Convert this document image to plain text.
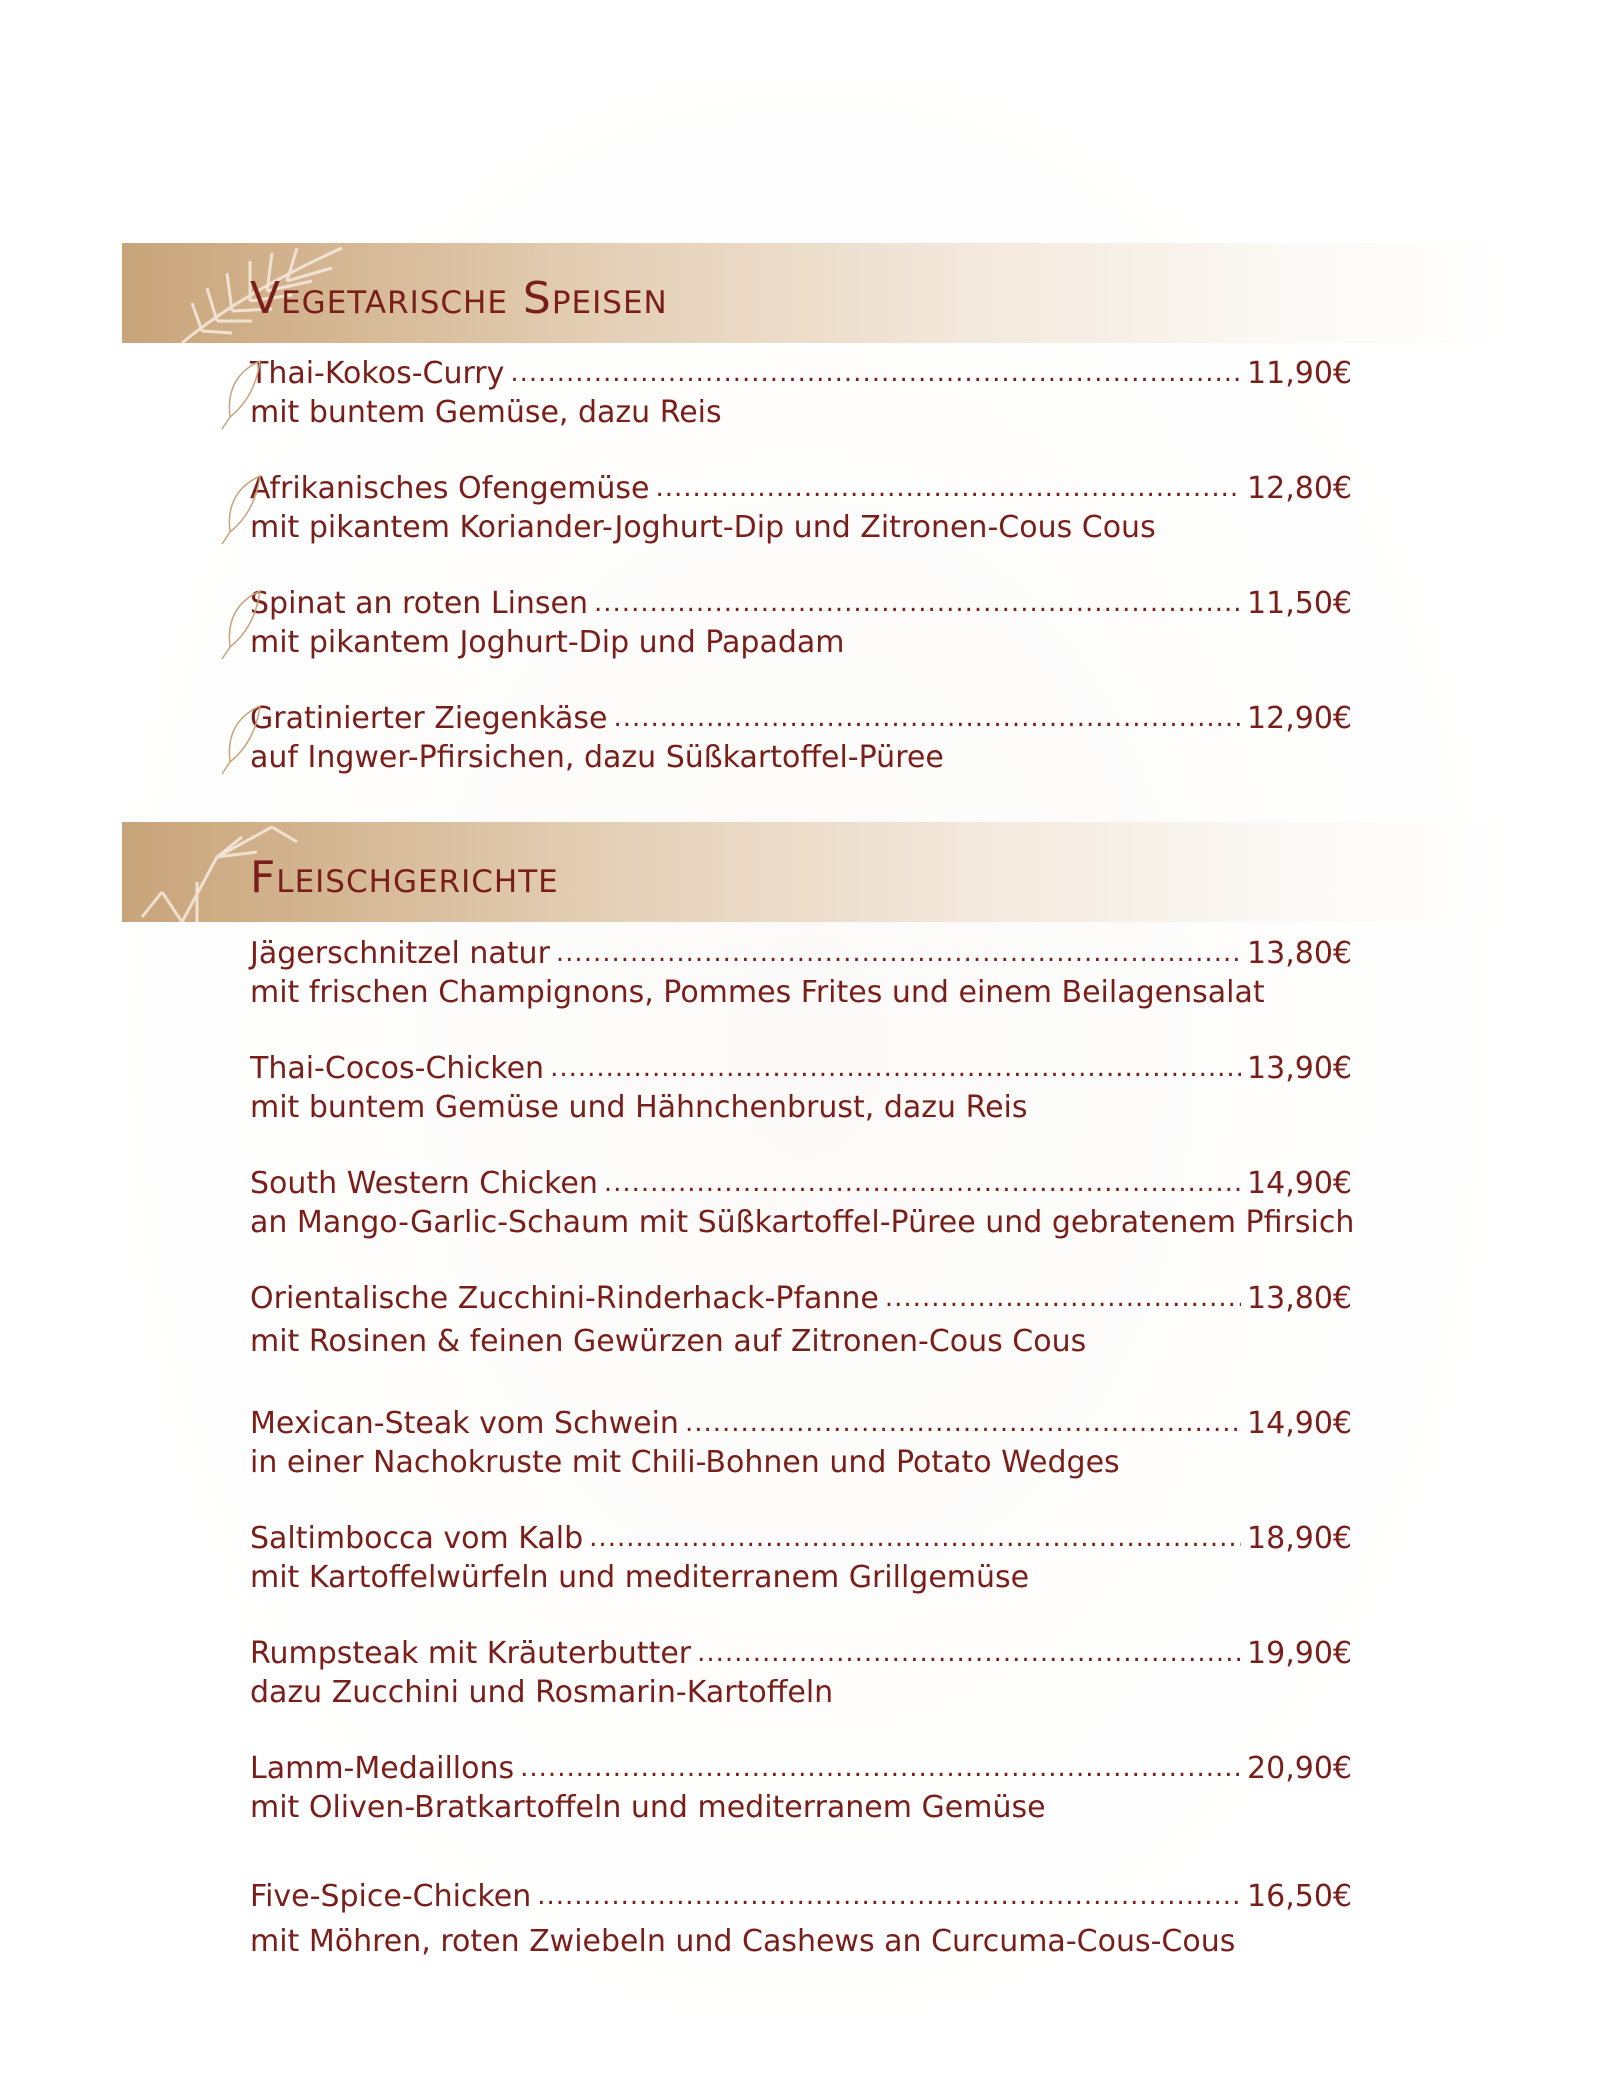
Vegetarische Speisen
Thai-Kokos-Curry .....	11,90€
mit buntem Gemüse, dazu Reis
Afrikanisches Ofengemüse .....	12,80€
mit pikantem Koriander-Joghurt-Dip und Zitronen-Cous Cous
Spinat an roten Linsen .....	11,50€
mit pikantem Joghurt-Dip und Papadam
Gratinierter Ziegenkäse .....	12,90€
auf Ingwer-Pfirsichen, dazu Süßkartoffel-Püree
Fleischgerichte
Jägerschnitzel natur .....	13,80€
mit frischen Champignons, Pommes Frites und einem Beilagensalat
Thai-Cocos-Chicken .....	13,90€
mit buntem Gemüse und Hähnchenbrust, dazu Reis
South Western Chicken .....	14,90€
an Mango-Garlic-Schaum mit Süßkartoffel-Püree und gebratenem Pfirsich
Orientalische Zucchini-Rinderhack-Pfanne .....	13,80€
mit Rosinen & feinen Gewürzen auf Zitronen-Cous Cous
Mexican-Steak vom Schwein .....	14,90€
in einer Nachokruste mit Chili-Bohnen und Potato Wedges
Saltimbocca vom Kalb .....	18,90€
mit Kartoffelwürfeln und mediterranem Grillgemüse
Rumpsteak mit Kräuterbutter .....	19,90€
dazu Zucchini und Rosmarin-Kartoffeln
Lamm-Medaillons .....	20,90€
mit Oliven-Bratkartoffeln und mediterranem Gemüse
Five-Spice-Chicken .....	16,50€
mit Möhren, roten Zwiebeln und Cashews an Curcuma-Cous-Cous
